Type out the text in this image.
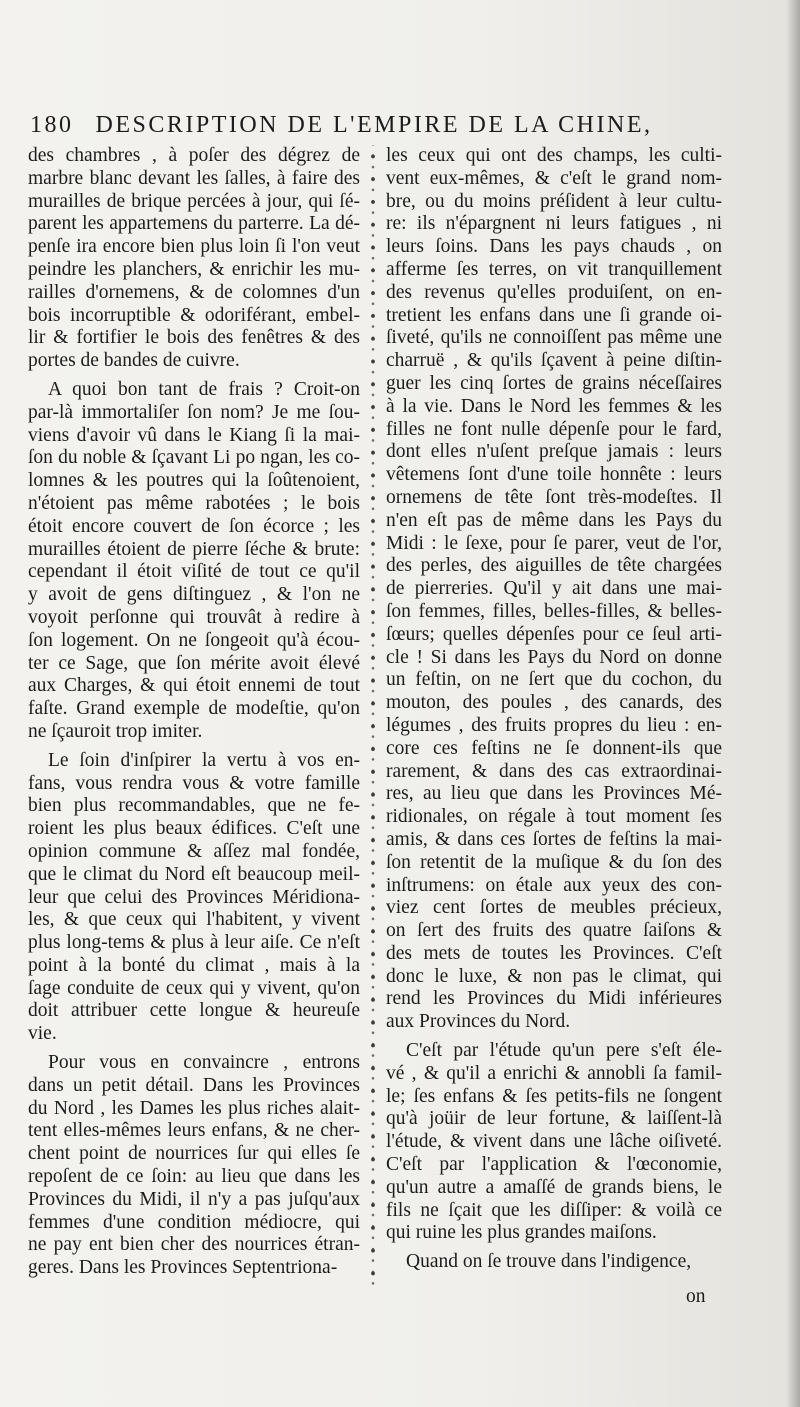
180 DESCRIPTION DE L'EMPIRE DE LA CHINE,
des chambres , à poſer des dégrez de
marbre blanc devant les ſalles, à faire des
murailles de brique percées à jour, qui ſé-
parent les appartemens du parterre. La dé-
penſe ira encore bien plus loin ſi l'on veut
peindre les planchers, & enrichir les mu-
railles d'ornemens, & de colomnes d'un
bois incorruptible & odoriférant, embel-
lir & fortifier le bois des fenêtres & des
portes de bandes de cuivre.
A quoi bon tant de frais ? Croit-on
par-là immortaliſer ſon nom? Je me ſou-
viens d'avoir vû dans le Kiang ſi la mai-
ſon du noble & ſçavant Li po ngan, les co-
lomnes & les poutres qui la ſoûtenoient,
n'étoient pas même rabotées ; le bois
étoit encore couvert de ſon écorce ; les
murailles étoient de pierre ſéche & brute:
cependant il étoit viſité de tout ce qu'il
y avoit de gens diſtinguez , & l'on ne
voyoit perſonne qui trouvât à redire à
ſon logement. On ne ſongeoit qu'à écou-
ter ce Sage, que ſon mérite avoit élevé
aux Charges, & qui étoit ennemi de tout
faſte. Grand exemple de modeſtie, qu'on
ne ſçauroit trop imiter.
Le ſoin d'inſpirer la vertu à vos en-
fans, vous rendra vous & votre famille
bien plus recommandables, que ne fe-
roient les plus beaux édifices. C'eſt une
opinion commune & aſſez mal fondée,
que le climat du Nord eſt beaucoup meil-
leur que celui des Provinces Méridiona-
les, & que ceux qui l'habitent, y vivent
plus long-tems & plus à leur aiſe. Ce n'eſt
point à la bonté du climat , mais à la
ſage conduite de ceux qui y vivent, qu'on
doit attribuer cette longue & heureuſe
vie.
Pour vous en convaincre , entrons
dans un petit détail. Dans les Provinces
du Nord , les Dames les plus riches alait-
tent elles-mêmes leurs enfans, & ne cher-
chent point de nourrices ſur qui elles ſe
repoſent de ce ſoin: au lieu que dans les
Provinces du Midi, il n'y a pas juſqu'aux
femmes d'une condition médiocre, qui
ne pay ent bien cher des nourrices étran-
geres. Dans les Provinces Septentriona-
les ceux qui ont des champs, les culti-
vent eux-mêmes, & c'eſt le grand nom-
bre, ou du moins préſident à leur cultu-
re: ils n'épargnent ni leurs fatigues , ni
leurs ſoins. Dans les pays chauds , on
afferme ſes terres, on vit tranquillement
des revenus qu'elles produiſent, on en-
tretient les enfans dans une ſi grande oi-
ſiveté, qu'ils ne connoiſſent pas même une
charruë , & qu'ils ſçavent à peine diſtin-
guer les cinq ſortes de grains néceſſaires
à la vie. Dans le Nord les femmes & les
filles ne font nulle dépenſe pour le fard,
dont elles n'uſent preſque jamais : leurs
vêtemens ſont d'une toile honnête : leurs
ornemens de tête ſont très-modeſtes. Il
n'en eſt pas de même dans les Pays du
Midi : le ſexe, pour ſe parer, veut de l'or,
des perles, des aiguilles de tête chargées
de pierreries. Qu'il y ait dans une mai-
ſon femmes, filles, belles-filles, & belles-
ſœurs; quelles dépenſes pour ce ſeul arti-
cle ! Si dans les Pays du Nord on donne
un feſtin, on ne ſert que du cochon, du
mouton, des poules , des canards, des
légumes , des fruits propres du lieu : en-
core ces feſtins ne ſe donnent-ils que
rarement, & dans des cas extraordinai-
res, au lieu que dans les Provinces Mé-
ridionales, on régale à tout moment ſes
amis, & dans ces ſortes de feſtins la mai-
ſon retentit de la muſique & du ſon des
inſtrumens: on étale aux yeux des con-
viez cent ſortes de meubles précieux,
on ſert des fruits des quatre ſaiſons &
des mets de toutes les Provinces. C'eſt
donc le luxe, & non pas le climat, qui
rend les Provinces du Midi inférieures
aux Provinces du Nord.
C'eſt par l'étude qu'un pere s'eſt éle-
vé , & qu'il a enrichi & annobli ſa famil-
le; ſes enfans & ſes petits-fils ne ſongent
qu'à joüir de leur fortune, & laiſſent-là
l'étude, & vivent dans une lâche oiſiveté.
C'eſt par l'application & l'œconomie,
qu'un autre a amaſſé de grands biens, le
fils ne ſçait que les diſſiper: & voilà ce
qui ruine les plus grandes maiſons.
Quand on ſe trouve dans l'indigence,
on
